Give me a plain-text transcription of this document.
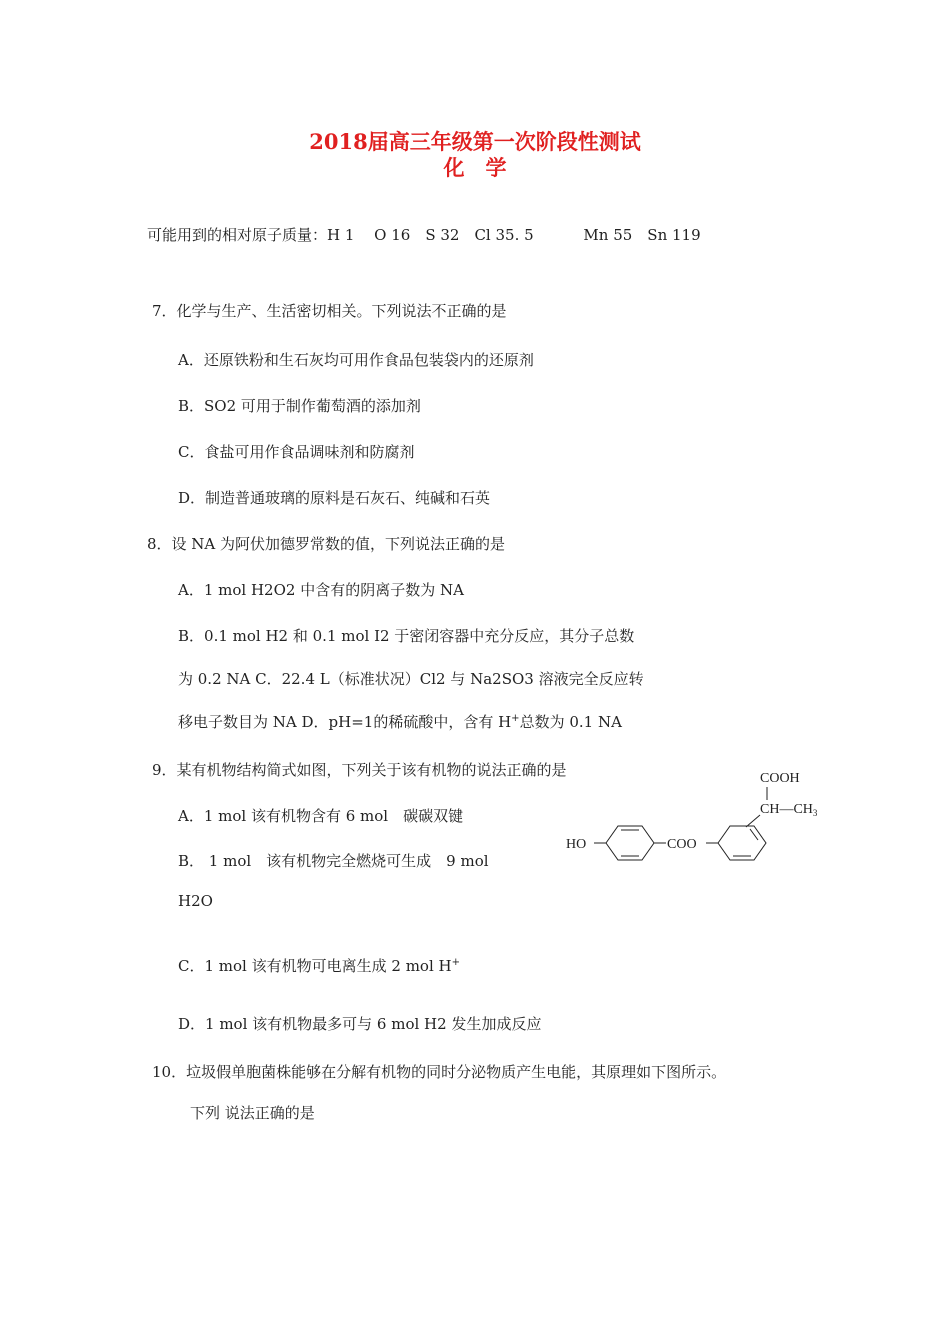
2018届高三年级第一次阶段性测试
化　学
可能用到的相对原子质量：H 1　 O 16　S 32　Cl 35. 5　　　 Mn 55　Sn 119
7．化学与生产、生活密切相关。下列说法不正确的是
A．还原铁粉和生石灰均可用作食品包装袋内的还原剂
B．SO2 可用于制作葡萄酒的添加剂
C．食盐可用作食品调味剂和防腐剂
D．制造普通玻璃的原料是石灰石、纯碱和石英
8．设 NA 为阿伏加德罗常数的值，下列说法正确的是
A．1 mol H2O2 中含有的阴离子数为 NA
B．0.1 mol H2 和 0.1 mol I2 于密闭容器中充分反应，其分子总数
为 0.2 NA C．22.4 L（标准状况）Cl2 与 Na2SO3 溶液完全反应转
移电子数目为 NA D．pH=1的稀硫酸中，含有 H+总数为 0.1 NA
9．某有机物结构简式如图，下列关于该有机物的说法正确的是
A．1 mol 该有机物含有 6 mol　碳碳双键
B． 1 mol　该有机物完全燃烧可生成　9 mol
H2O
C．1 mol 该有机物可电离生成 2 mol H+
D．1 mol 该有机物最多可与 6 mol H2 发生加成反应
COOH
$CH—CH_3$
HO	COO
10．垃圾假单胞菌株能够在分解有机物的同时分泌物质产生电能，其原理如下图所示。
下列 说法正确的是
